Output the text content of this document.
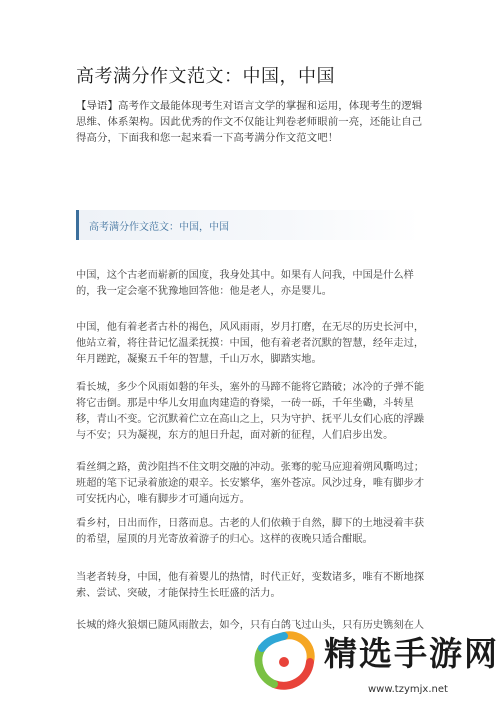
高考满分作文范文：中国，中国
【导语】高考作文最能体现考生对语言文学的掌握和运用，体现考生的逻辑思维、体系架构。因此优秀的作文不仅能让判卷老师眼前一亮，还能让自己得高分，下面我和您一起来看一下高考满分作文范文吧！
高考满分作文范文：中国，中国
中国，这个古老而崭新的国度，我身处其中。如果有人问我，中国是什么样的，我一定会毫不犹豫地回答他：他是老人，亦是婴儿。
中国，他有着老者古朴的褐色，风风雨雨，岁月打磨，在无尽的历史长河中，他站立着，将往昔记忆温柔抚摸：中国，他有着老者沉默的智慧，经年走过，年月蹉跎，凝聚五千年的智慧，千山万水，脚踏实地。
看长城，多少个风雨如磐的年头，塞外的马蹄不能将它踏破；冰冷的子弹不能将它击倒。那是中华儿女用血肉建造的脊梁，一砖一砾，千年坐磡，斗转星移，青山不变。它沉默着伫立在高山之上，只为守护、抚平儿女们心底的浮躁与不安；只为凝视，东方的旭日升起，面对新的征程，人们启步出发。
看丝绸之路，黄沙阻挡不住文明交融的冲动。张骞的驼马应迎着朔风嘶鸣过；班超的笔下记录着旅途的艰辛。长安繁华，塞外苍凉。风沙过身，唯有脚步才可安抚内心，唯有脚步才可通向远方。
看乡村，日出而作，日落而息。古老的人们依赖于自然，脚下的土地浸着丰获的希望，屋顶的月光寄放着游子的归心。这样的夜晚只适合酣眠。
当老者转身，中国，他有着婴儿的热情，时代正好，变数诸多，唯有不断地探索、尝试、突破，才能保持生长旺盛的活力。
长城的烽火狼烟已随风雨散去，如今，只有白鸽飞过山头，只有历史镌刻在人
精选手游网
www.tzymjx.net
